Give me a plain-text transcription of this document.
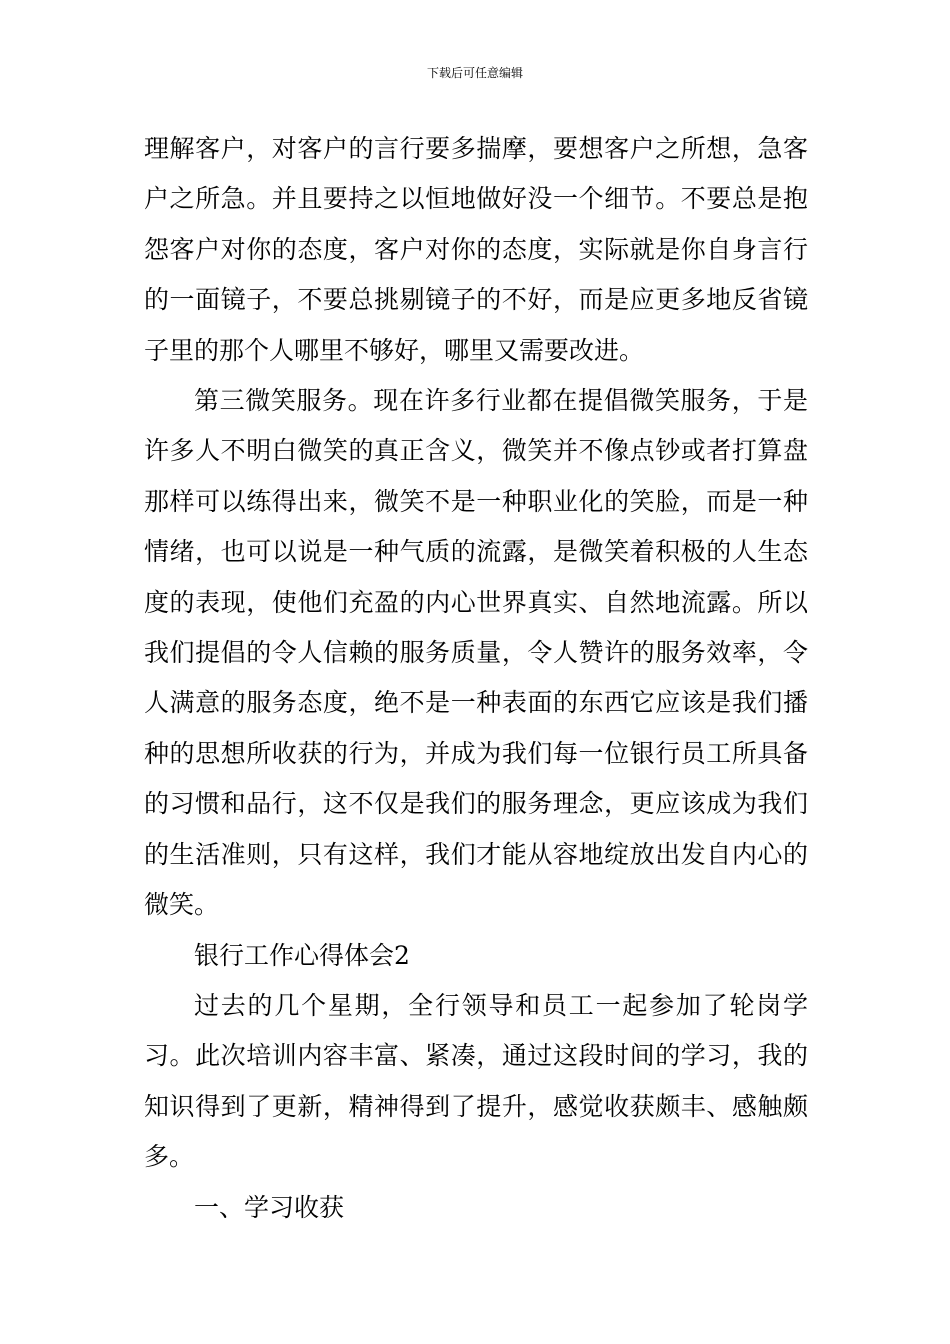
下载后可任意编辑

理解客户，对客户的言行要多揣摩，要想客户之所想，急客户之所急。并且要持之以恒地做好没一个细节。不要总是抱怨客户对你的态度，客户对你的态度，实际就是你自身言行的一面镜子，不要总挑剔镜子的不好，而是应更多地反省镜子里的那个人哪里不够好，哪里又需要改进。

第三微笑服务。现在许多行业都在提倡微笑服务，于是许多人不明白微笑的真正含义，微笑并不像点钞或者打算盘那样可以练得出来，微笑不是一种职业化的笑脸，而是一种情绪，也可以说是一种气质的流露，是微笑着积极的人生态度的表现，使他们充盈的内心世界真实、自然地流露。所以我们提倡的令人信赖的服务质量，令人赞许的服务效率，令人满意的服务态度，绝不是一种表面的东西它应该是我们播种的思想所收获的行为，并成为我们每一位银行员工所具备的习惯和品行，这不仅是我们的服务理念，更应该成为我们的生活准则，只有这样，我们才能从容地绽放出发自内心的微笑。

银行工作心得体会2

过去的几个星期，全行领导和员工一起参加了轮岗学习。此次培训内容丰富、紧凑，通过这段时间的学习，我的知识得到了更新，精神得到了提升，感觉收获颇丰、感触颇多。

一、学习收获
